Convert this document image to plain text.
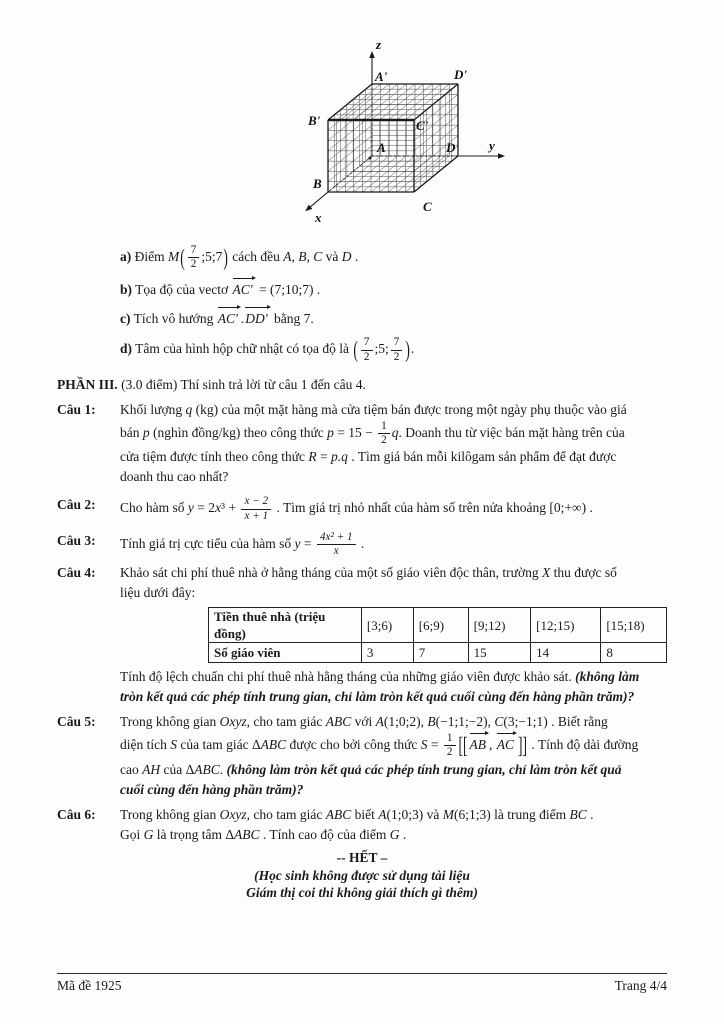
z
y
x
A'	D'
B'	C'
A	D
B
C
a) Điểm $M( \frac{7}{2}$ ;5;7) cách đều A, B, C và D .
b) Tọa độ của vectơ AC' = (7;10;7) .
c) Tích vô hướng AC' .DD' bằng 7.
d) Tâm của hình hộp chữ nhật có tọa độ là ( $\frac{7}{2}$ ;5; $\frac{7}{2}$ ).
PHẦN III. (3.0 điểm) Thí sinh trả lời từ câu 1 đến câu 4.
Câu 1:	Khối lượng q (kg) của một mặt hàng mà cửa tiệm bán được trong một ngày phụ thuộc vào giá
bán p (nghìn đồng/kg) theo công thức $p = 15 - \frac{1}{2} q$. Doanh thu từ việc bán mặt hàng trên của
cửa tiệm được tính theo công thức R = p.q . Tìm giá bán mỗi kilôgam sản phẩm để đạt được
doanh thu cao nhất?
Câu 2:	Cho hàm số $y = 2x^3 + \frac{x - 2}{x + 1}$ . Tìm giá trị nhỏ nhất của hàm số trên nửa khoảng [0;+∞) .
Câu 3:	Tính giá trị cực tiểu của hàm số $y = \frac{\text{4x² + 1}}{x}$ .
Câu 4:	Khảo sát chi phí thuê nhà ở hằng tháng của một số giáo viên độc thân, trường X thu được số
liệu dưới đây:
Tiền thuê nhà (triệu đồng)	[3;6)	[6;9)	[9;12)	[12;15)	[15;18)
Số giáo viên	3	7	15	14	8
Tính độ lệch chuẩn chi phí thuê nhà hằng tháng của những giáo viên được khảo sát. (không làm
tròn kết quả các phép tính trung gian, chỉ làm tròn kết quả cuối cùng đến hàng phần trăm)?
Câu 5:	Trong không gian Oxyz, cho tam giác ABC với A(1;0;2), B(−1;1;−2), C(3;−1;1) . Biết rằng
diện tích S của tam giác ΔABC được cho bởi công thức $S = \frac{1}{2}$ [[ AB , AC ]] . Tính độ dài đường
cao AH của ΔABC. (không làm tròn kết quả các phép tính trung gian, chỉ làm tròn kết quả
cuối cùng đến hàng phần trăm)?
Câu 6:	Trong không gian Oxyz, cho tam giác ABC biết A(1;0;3) và M(6;1;3) là trung điểm BC .
Gọi G là trọng tâm ΔABC . Tính cao độ của điểm G .
-- HẾT –
(Học sinh không được sử dụng tài liệu
Giám thị coi thi không giải thích gì thêm)
Mã đề 1925	Trang 4/4
